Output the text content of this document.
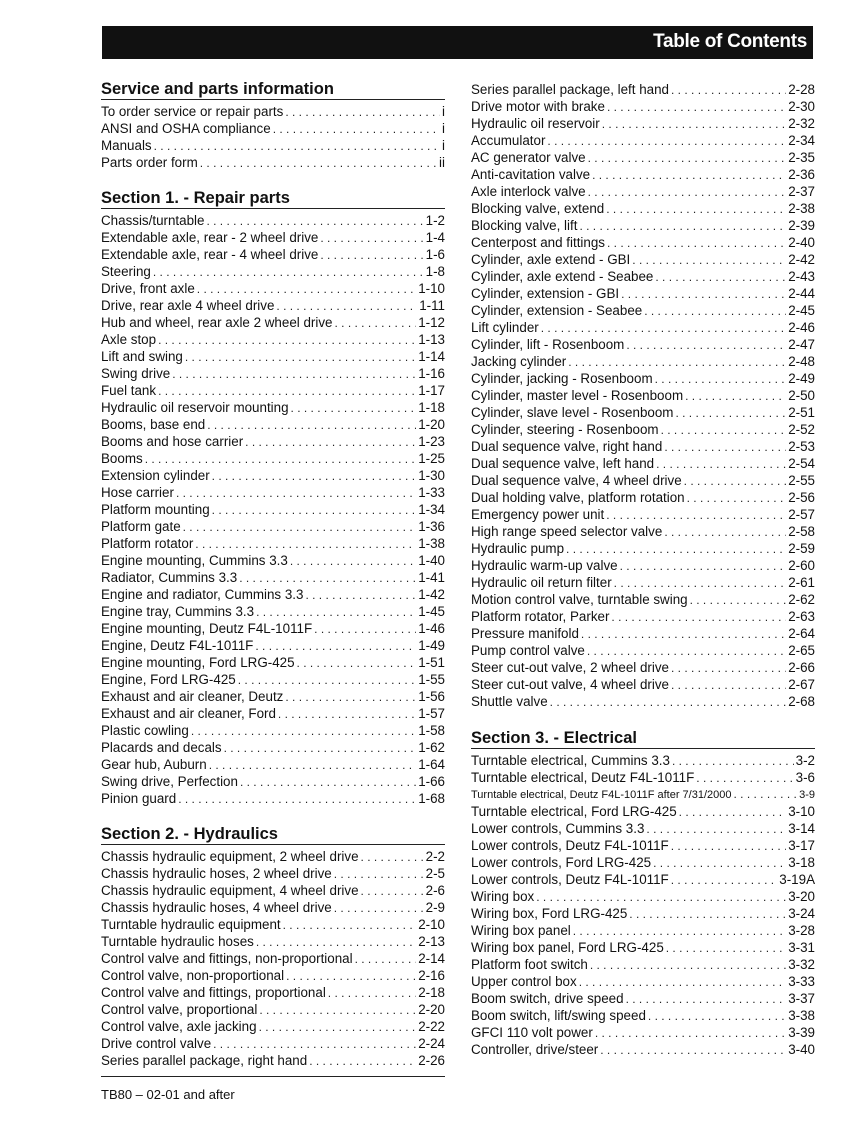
Table of Contents
Service and parts information
To order service or repair parts . . .	i
ANSI and OSHA compliance . . .	i
Manuals . . .	i
Parts order form . . .	ii
Section 1. - Repair parts
Chassis/turntable . . .	1-2
Extendable axle, rear - 2 wheel drive . . .	1-4
Extendable axle, rear - 4 wheel drive . . .	1-6
Steering . . .	1-8
Drive, front axle . . .	1-10
Drive, rear axle 4 wheel drive . . .	1-11
Hub and wheel, rear axle 2 wheel drive . . .	1-12
Axle stop . . .	1-13
Lift and swing . . .	1-14
Swing drive . . .	1-16
Fuel tank . . .	1-17
Hydraulic oil reservoir mounting . . .	1-18
Booms, base end . . .	1-20
Booms and hose carrier . . .	1-23
Booms . . .	1-25
Extension cylinder . . .	1-30
Hose carrier . . .	1-33
Platform mounting . . .	1-34
Platform gate . . .	1-36
Platform rotator . . .	1-38
Engine mounting, Cummins 3.3 . . .	1-40
Radiator, Cummins 3.3 . . .	1-41
Engine and radiator, Cummins 3.3 . . .	1-42
Engine tray, Cummins 3.3 . . .	1-45
Engine mounting, Deutz F4L-1011F . . .	1-46
Engine, Deutz F4L-1011F . . .	1-49
Engine mounting, Ford LRG-425 . . .	1-51
Engine, Ford LRG-425 . . .	1-55
Exhaust and air cleaner, Deutz . . .	1-56
Exhaust and air cleaner, Ford . . .	1-57
Plastic cowling . . .	1-58
Placards and decals . . .	1-62
Gear hub, Auburn . . .	1-64
Swing drive, Perfection . . .	1-66
Pinion guard . . .	1-68
Section 2. - Hydraulics
Chassis hydraulic equipment, 2 wheel drive . . .	2-2
Chassis hydraulic hoses, 2 wheel drive . . .	2-5
Chassis hydraulic equipment, 4 wheel drive . . .	2-6
Chassis hydraulic hoses, 4 wheel drive . . .	2-9
Turntable hydraulic equipment . . .	2-10
Turntable hydraulic hoses . . .	2-13
Control valve and fittings, non-proportional . . .	2-14
Control valve, non-proportional . . .	2-16
Control valve and fittings, proportional . . .	2-18
Control valve, proportional . . .	2-20
Control valve, axle jacking . . .	2-22
Drive control valve . . .	2-24
Series parallel package, right hand . . .	2-26
Series parallel package, left hand . . .	2-28
Drive motor with brake . . .	2-30
Hydraulic oil reservoir . . .	2-32
Accumulator . . .	2-34
AC generator valve . . .	2-35
Anti-cavitation valve . . .	2-36
Axle interlock valve . . .	2-37
Blocking valve, extend . . .	2-38
Blocking valve, lift . . .	2-39
Centerpost and fittings . . .	2-40
Cylinder, axle extend - GBI . . .	2-42
Cylinder, axle extend - Seabee . . .	2-43
Cylinder, extension - GBI . . .	2-44
Cylinder, extension - Seabee . . .	2-45
Lift cylinder . . .	2-46
Cylinder, lift - Rosenboom . . .	2-47
Jacking cylinder . . .	2-48
Cylinder, jacking - Rosenboom . . .	2-49
Cylinder, master level - Rosenboom . . .	2-50
Cylinder, slave level - Rosenboom . . .	2-51
Cylinder, steering - Rosenboom . . .	2-52
Dual sequence valve, right hand . . .	2-53
Dual sequence valve, left hand . . .	2-54
Dual sequence valve, 4 wheel drive . . .	2-55
Dual holding valve, platform rotation . . .	2-56
Emergency power unit . . .	2-57
High range speed selector valve . . .	2-58
Hydraulic pump . . .	2-59
Hydraulic warm-up valve . . .	2-60
Hydraulic oil return filter . . .	2-61
Motion control valve, turntable swing . . .	2-62
Platform rotator, Parker . . .	2-63
Pressure manifold . . .	2-64
Pump control valve . . .	2-65
Steer cut-out valve, 2 wheel drive . . .	2-66
Steer cut-out valve, 4 wheel drive . . .	2-67
Shuttle valve . . .	2-68
Section 3. - Electrical
Turntable electrical, Cummins 3.3 . . .	3-2
Turntable electrical, Deutz F4L-1011F . . .	3-6
Turntable electrical, Deutz F4L-1011F after 7/31/2000 . . .	3-9
Turntable electrical, Ford LRG-425 . . .	3-10
Lower controls, Cummins 3.3 . . .	3-14
Lower controls, Deutz F4L-1011F . . .	3-17
Lower controls, Ford LRG-425 . . .	3-18
Lower controls, Deutz F4L-1011F . . .	3-19A
Wiring box . . .	3-20
Wiring box, Ford LRG-425 . . .	3-24
Wiring box panel . . .	3-28
Wiring box panel, Ford LRG-425 . . .	3-31
Platform foot switch . . .	3-32
Upper control box . . .	3-33
Boom switch, drive speed . . .	3-37
Boom switch, lift/swing speed . . .	3-38
GFCI 110 volt power . . .	3-39
Controller, drive/steer . . .	3-40
TB80 – 02-01 and after
